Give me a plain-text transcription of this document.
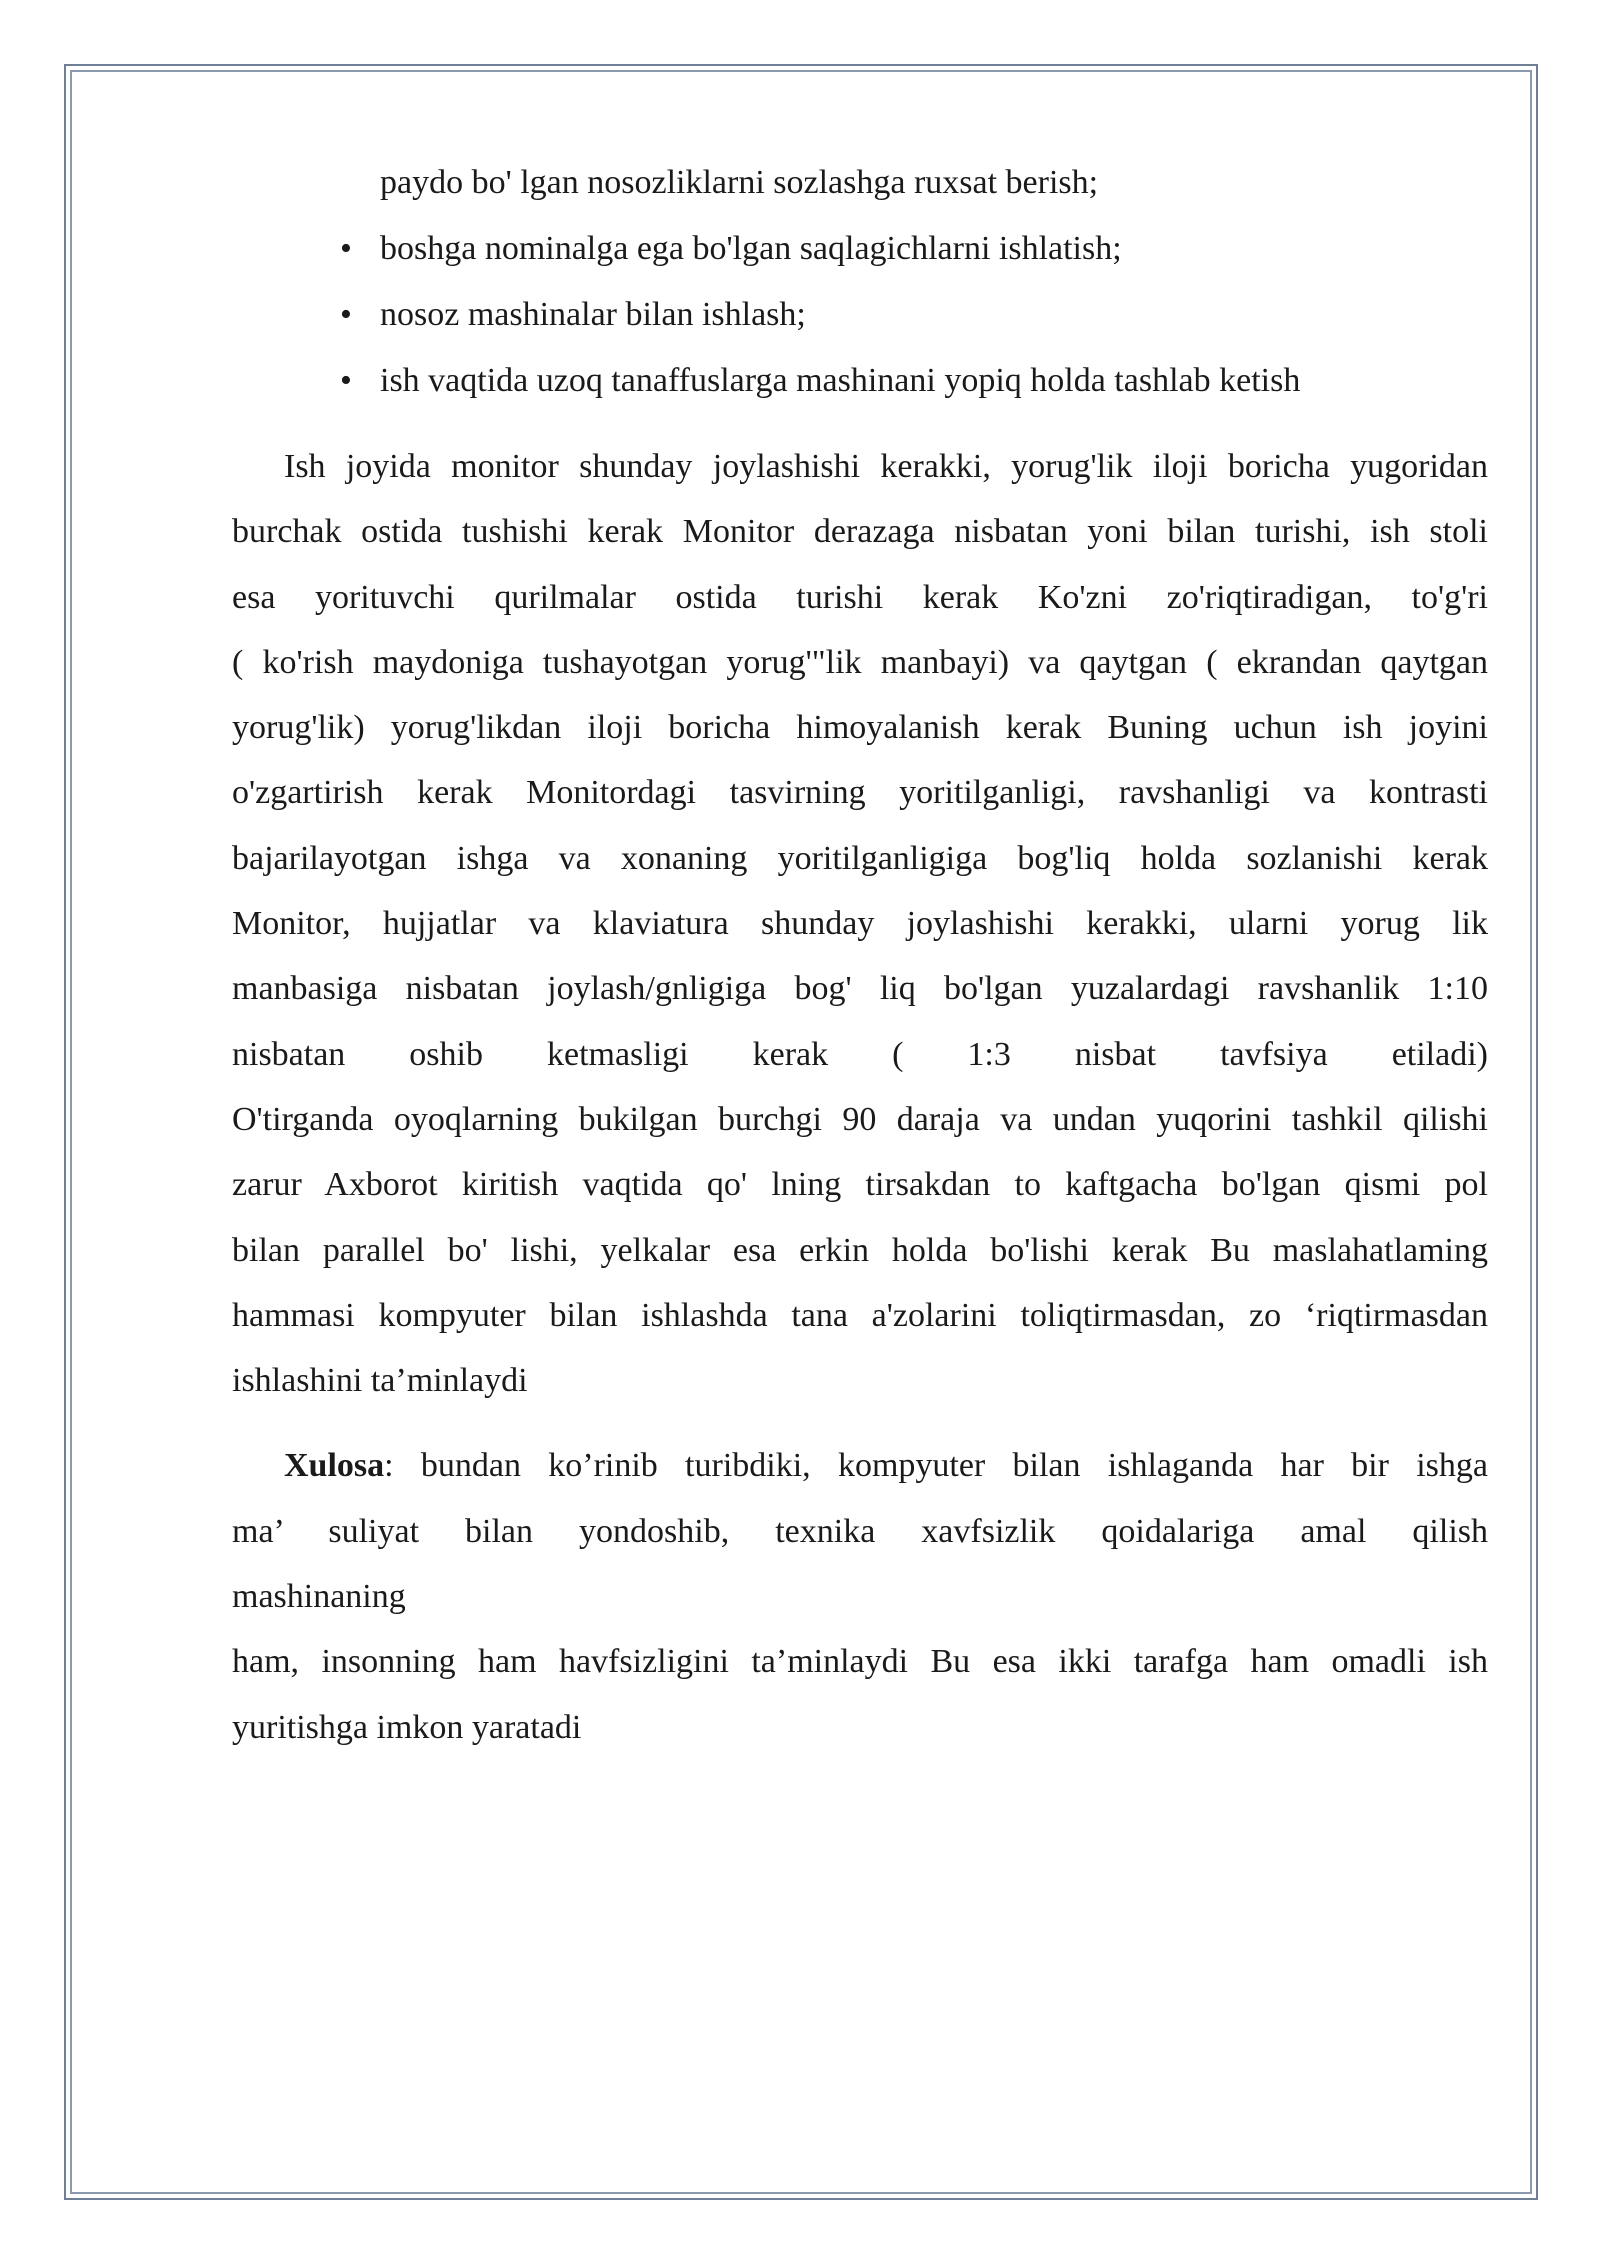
paydo bo' lgan nosozliklarni sozlashga ruxsat berish;
• boshga nominalga ega bo'lgan saqlagichlarni ishlatish;
• nosoz mashinalar bilan ishlash;
• ish vaqtida uzoq tanaffuslarga mashinani yopiq holda tashlab ketish
Ish joyida monitor shunday joylashishi kerakki, yorug'lik iloji boricha yugoridan
burchak ostida tushishi kerak Monitor derazaga nisbatan yoni bilan turishi, ish stoli
esa yorituvchi qurilmalar ostida turishi kerak Ko'zni zo'riqtiradigan, to'g'ri
( ko'rish maydoniga tushayotgan yorug'"lik manbayi) va qaytgan ( ekrandan qaytgan
yorug'lik) yorug'likdan iloji boricha himoyalanish kerak Buning uchun ish joyini
o'zgartirish kerak Monitordagi tasvirning yoritilganligi, ravshanligi va kontrasti
bajarilayotgan ishga va xonaning yoritilganligiga bog'liq holda sozlanishi kerak
Monitor, hujjatlar va klaviatura shunday joylashishi kerakki, ularni yorug lik
manbasiga nisbatan joylash/gnligiga bog' liq bo'lgan yuzalardagi ravshanlik 1:10
nisbatan oshib ketmasligi kerak ( 1:3 nisbat tavfsiya etiladi)
O'tirganda oyoqlarning bukilgan burchgi 90 daraja va undan yuqorini tashkil qilishi
zarur Axborot kiritish vaqtida qo' lning tirsakdan to kaftgacha bo'lgan qismi pol
bilan parallel bo' lishi, yelkalar esa erkin holda bo'lishi kerak Bu maslahatlaming
hammasi kompyuter bilan ishlashda tana a'zolarini toliqtirmasdan, zo ‘riqtirmasdan
ishlashini ta’minlaydi
Xulosa: bundan ko’rinib turibdiki, kompyuter bilan ishlaganda har bir ishga
ma’ suliyat bilan yondoshib, texnika xavfsizlik qoidalariga amal qilish
mashinaning
ham, insonning ham havfsizligini ta’minlaydi Bu esa ikki tarafga ham omadli ish
yuritishga imkon yaratadi
